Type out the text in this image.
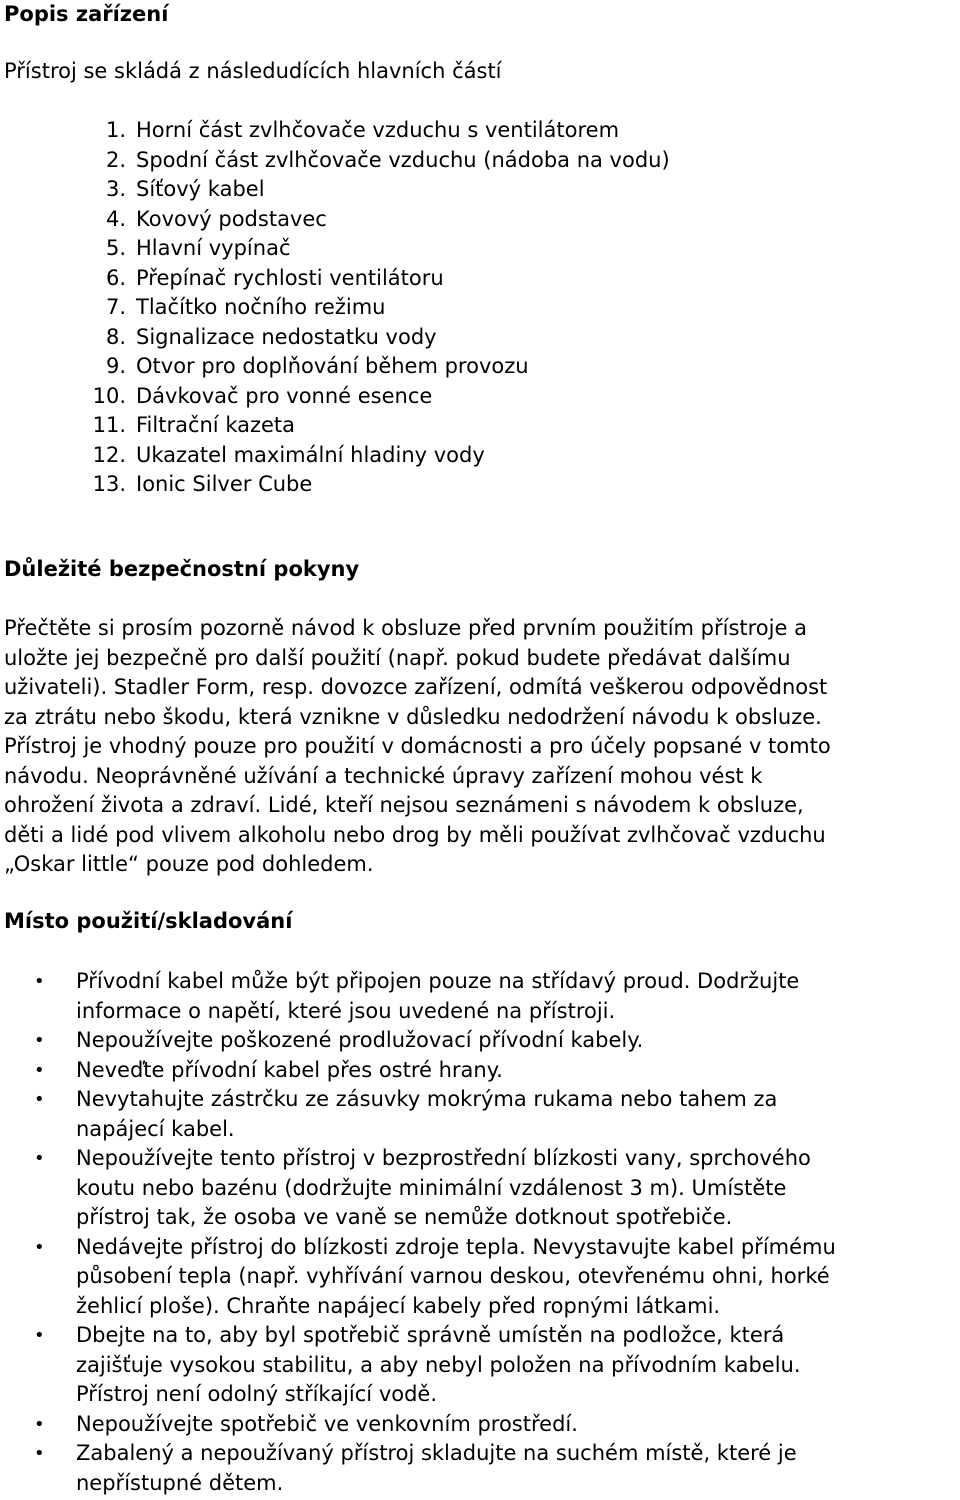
Popis zařízení

Přístroj se skládá z následudících hlavních částí

1. Horní část zvlhčovače vzduchu s ventilátorem
2. Spodní část zvlhčovače vzduchu (nádoba na vodu)
3. Síťový kabel
4. Kovový podstavec
5. Hlavní vypínač
6. Přepínač rychlosti ventilátoru
7. Tlačítko nočního režimu
8. Signalizace nedostatku vody
9. Otvor pro doplňování během provozu
10. Dávkovač pro vonné esence
11. Filtrační kazeta
12. Ukazatel maximální hladiny vody
13. Ionic Silver Cube
Důležité bezpečnostní pokyny
Přečtěte si prosím pozorně návod k obsluze před prvním použitím přístroje a
uložte jej bezpečně pro další použití (např. pokud budete předávat dalšímu
uživateli). Stadler Form, resp. dovozce zařízení, odmítá veškerou odpovědnost
za ztrátu nebo škodu, která vznikne v důsledku nedodržení návodu k obsluze.
Přístroj je vhodný pouze pro použití v domácnosti a pro účely popsané v tomto
návodu. Neoprávněné užívání a technické úpravy zařízení mohou vést k
ohrožení života a zdraví. Lidé, kteří nejsou seznámeni s návodem k obsluze,
děti a lidé pod vlivem alkoholu nebo drog by měli používat zvlhčovač vzduchu
„Oskar little“ pouze pod dohledem.
Místo použití/skladování
•	Přívodní kabel může být připojen pouze na střídavý proud. Dodržujte
informace o napětí, které jsou uvedené na přístroji.
•	Nepoužívejte poškozené prodlužovací přívodní kabely.
•	Neveďte přívodní kabel přes ostré hrany.
•	Nevytahujte zástrčku ze zásuvky mokrýma rukama nebo tahem za
napájecí kabel.
•	Nepoužívejte tento přístroj v bezprostřední blízkosti vany, sprchového
koutu nebo bazénu (dodržujte minimální vzdálenost 3 m). Umístěte
přístroj tak, že osoba ve vaně se nemůže dotknout spotřebiče.
•	Nedávejte přístroj do blízkosti zdroje tepla. Nevystavujte kabel přímému
působení tepla (např. vyhřívání varnou deskou, otevřenému ohni, horké
žehlicí ploše). Chraňte napájecí kabely před ropnými látkami.
•	Dbejte na to, aby byl spotřebič správně umístěn na podložce, která
zajišťuje vysokou stabilitu, a aby nebyl položen na přívodním kabelu.
Přístroj není odolný stříkající vodě.
•	Nepoužívejte spotřebič ve venkovním prostředí.
•	Zabalený a nepoužívaný přístroj skladujte na suchém místě, které je
nepřístupné dětem.
